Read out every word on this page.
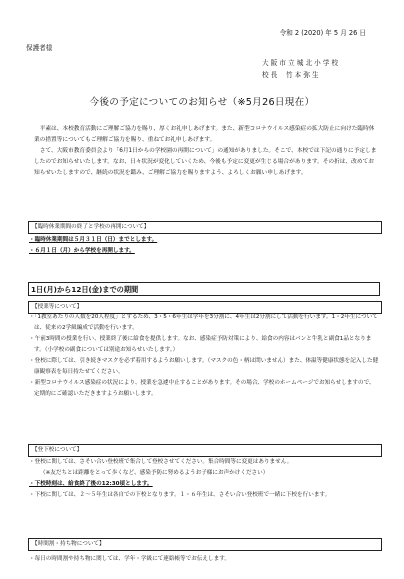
令和 2 (2020) 年 5 月 26 日
保護者様
大 阪 市 立 城 北 小 学 校
校 長　 竹 本 弥 生
今後の予定についてのお知らせ（※5月26日現在）

平素は、本校教育活動にご理解ご協力を賜り、厚くお礼申しあげます。また、新型コロナウイルス感染症の拡大防止に向けた臨時休業の措置等についてもご理解ご協力を賜り、重ねてお礼申しあげます。

さて、大阪市教育委員会より「6月1日からの学校園の再開について」の通知がありました。そこで、本校では下記の通りに予定しましたのでお知らせいたします。なお、日々状況が変化していくため、今後も予定に変更が生じる場合があります。その折は、改めてお知らせいたしますので、継続の状況を鑑み、ご理解ご協力を賜りますよう、よろしくお願い申しあげます。

【臨時休業期間の終了と学校の再開について】
・臨時休業期間は５月３１日（日）までとします。
・６月１日（月）から学校を再開します。
1日(月)から12日(金)までの期間
【授業等について】
・「1教室あたりの人数を20人程度」とするため、3・5・6年生は学年を3分割に、4年生は2分割にして活動を行います。1・2年生については、従来の2学級編成で活動を行います。
・午前3時間の授業を行い、授業終了後に給食を提供します。なお、感染症予防対策により、給食の内容はパンと牛乳と副食1品となります。（小学校の副食については別途お知らせいたします。）
・登校に際しては、引き続きマスクを必ず着用するようお願いします。（マスクの色・柄は問いません）また、体温等健康状態を記入した健康観察表を毎日持たせてください。
・新型コロナウイルス感染症の状況により、授業を急遽中止することがあります。その場合、学校のホームページでお知らせしますので、定期的にご確認いただきますようお願いします。
【登下校について】
・登校に関しては、さそい合い登校班で集合して登校させてください。集合時間等に変更はありません。
（※友だちとは距離をとって歩くなど、感染予防に努めるようお子様にお声かけください）
・下校時刻は、給食終了後の12:30頃とします。
・下校に関しては、２～５年生は各自での下校となります。１・６年生は、さそい合い登校班で一緒に下校を行います。
【時間割・持ち物について】
・毎日の時間割や持ち物に関しては、学年・学級にて連絡帳等でお伝えします。
